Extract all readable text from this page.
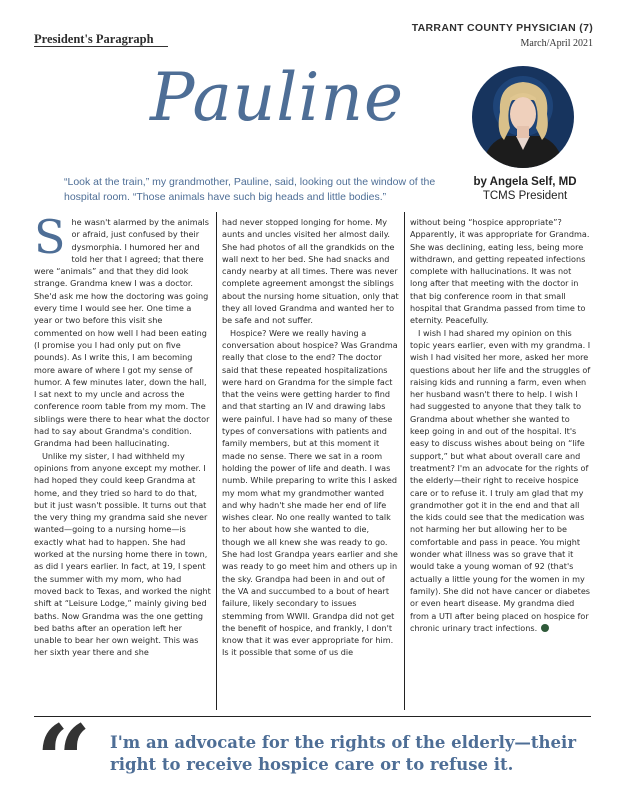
President's Paragraph
TARRANT COUNTY PHYSICIAN (7)
March/April 2021
Pauline
“Look at the train,” my grandmother, Pauline, said, looking out the window of the hospital room. “Those animals have such big heads and little bodies.”
by Angela Self, MD
TCMS President

She wasn't alarmed by the animals or afraid, just confused by their dysmorphia. I humored her and told her that I agreed; that there were “animals” and that they did look strange. Grandma knew I was a doctor. She'd ask me how the doctoring was going every time I would see her. One time a year or two before this visit she commented on how well I had been eating (I promise you I had only put on five pounds). As I write this, I am becoming more aware of where I got my sense of humor. A few minutes later, down the hall, I sat next to my uncle and across the conference room table from my mom. The siblings were there to hear what the doctor had to say about Grandma's condition. Grandma had been hallucinating.

Unlike my sister, I had withheld my opinions from anyone except my mother. I had hoped they could keep Grandma at home, and they tried so hard to do that, but it just wasn't possible. It turns out that the very thing my grandma said she never wanted—going to a nursing home—is exactly what had to happen. She had worked at the nursing home there in town, as did I years earlier. In fact, at 19, I spent the summer with my mom, who had moved back to Texas, and worked the night shift at “Leisure Lodge,” mainly giving bed baths. Now Grandma was the one getting bed baths after an operation left her unable to bear her own weight. This was her sixth year there and she

had never stopped longing for home. My aunts and uncles visited her almost daily. She had photos of all the grandkids on the wall next to her bed. She had snacks and candy nearby at all times. There was never complete agreement amongst the siblings about the nursing home situation, only that they all loved Grandma and wanted her to be safe and not suffer.

Hospice? Were we really having a conversation about hospice? Was Grandma really that close to the end? The doctor said that these repeated hospitalizations were hard on Grandma for the simple fact that the veins were getting harder to find and that starting an IV and drawing labs were painful. I have had so many of these types of conversations with patients and family members, but at this moment it made no sense. There we sat in a room holding the power of life and death. I was numb. While preparing to write this I asked my mom what my grandmother wanted and why hadn't she made her end of life wishes clear. No one really wanted to talk to her about how she wanted to die, though we all knew she was ready to go. She had lost Grandpa years earlier and she was ready to go meet him and others up in the sky. Grandpa had been in and out of the VA and succumbed to a bout of heart failure, likely secondary to issues stemming from WWII. Grandpa did not get the benefit of hospice, and frankly, I don't know that it was ever appropriate for him. Is it possible that some of us die

without being “hospice appropriate”? Apparently, it was appropriate for Grandma. She was declining, eating less, being more withdrawn, and getting repeated infections complete with hallucinations. It was not long after that meeting with the doctor in that big conference room in that small hospital that Grandma passed from time to eternity. Peacefully.

I wish I had shared my opinion on this topic years earlier, even with my grandma. I wish I had visited her more, asked her more questions about her life and the struggles of raising kids and running a farm, even when her husband wasn't there to help. I wish I had suggested to anyone that they talk to Grandma about whether she wanted to keep going in and out of the hospital. It's easy to discuss wishes about being on “life support,” but what about overall care and treatment? I'm an advocate for the rights of the elderly—their right to receive hospice care or to refuse it. I truly am glad that my grandmother got it in the end and that all the kids could see that the medication was not harming her but allowing her to be comfortable and pass in peace. You might wonder what illness was so grave that it would take a young woman of 92 (that's actually a little young for the women in my family). She did not have cancer or diabetes or even heart disease. My grandma died from a UTI after being placed on hospice for chronic urinary tract infections.

“ I'm an advocate for the rights of the elderly—their right to receive hospice care or to refuse it.
